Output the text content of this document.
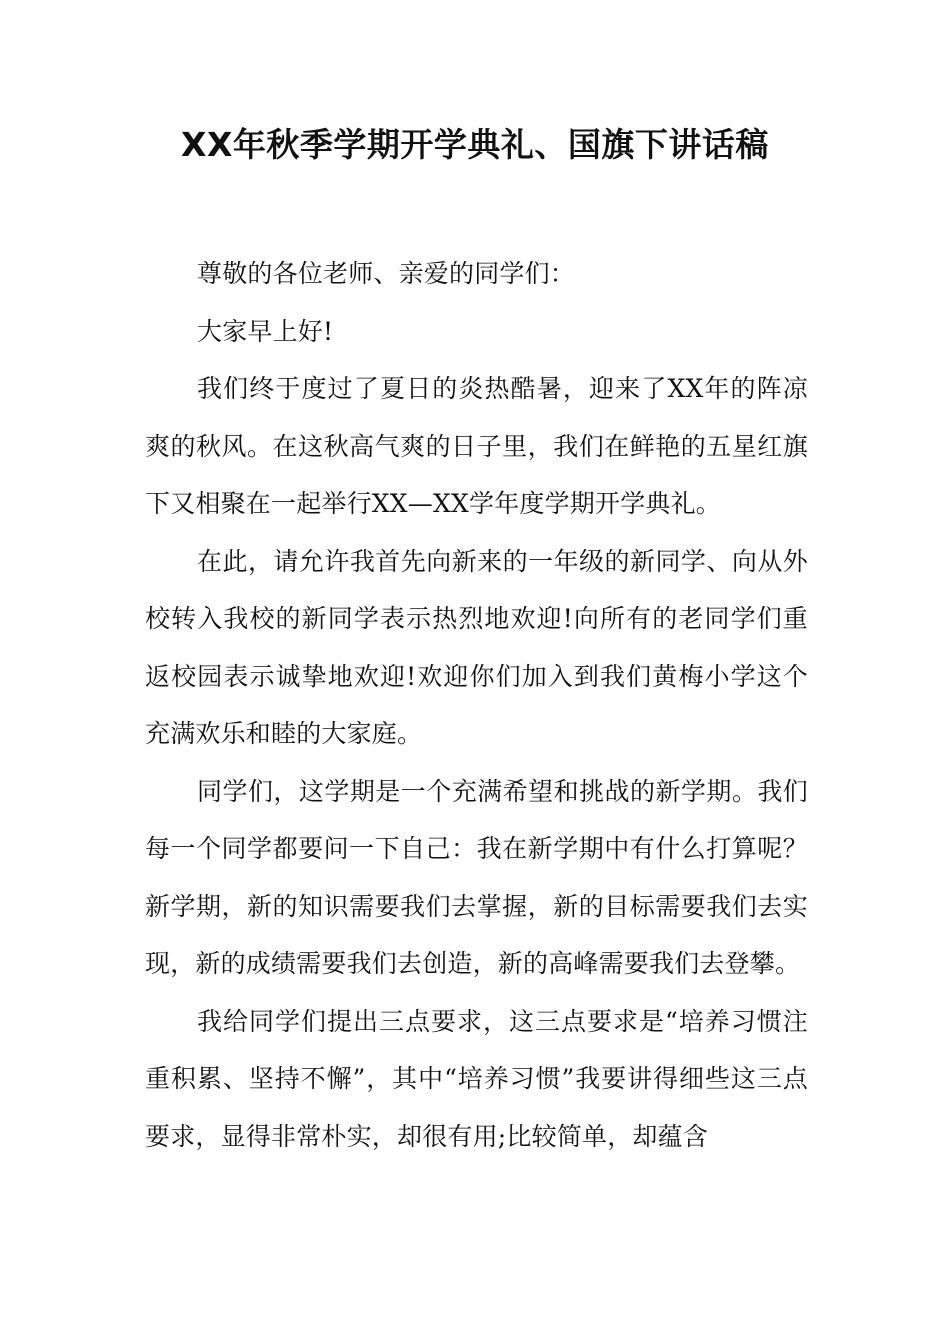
XX年秋季学期开学典礼、国旗下讲话稿

尊敬的各位老师、亲爱的同学们：

大家早上好!

我们终于度过了夏日的炎热酷暑，迎来了XX年的阵凉爽的秋风。在这秋高气爽的日子里，我们在鲜艳的五星红旗下又相聚在一起举行XX—XX学年度学期开学典礼。

在此，请允许我首先向新来的一年级的新同学、向从外校转入我校的新同学表示热烈地欢迎!向所有的老同学们重返校园表示诚挚地欢迎!欢迎你们加入到我们黄梅小学这个充满欢乐和睦的大家庭。

同学们，这学期是一个充满希望和挑战的新学期。我们每一个同学都要问一下自己：我在新学期中有什么打算呢？新学期，新的知识需要我们去掌握，新的目标需要我们去实现，新的成绩需要我们去创造，新的高峰需要我们去登攀。

我给同学们提出三点要求，这三点要求是“培养习惯注重积累、坚持不懈”，其中“培养习惯”我要讲得细些这三点要求，显得非常朴实，却很有用;比较简单，却蕴含
